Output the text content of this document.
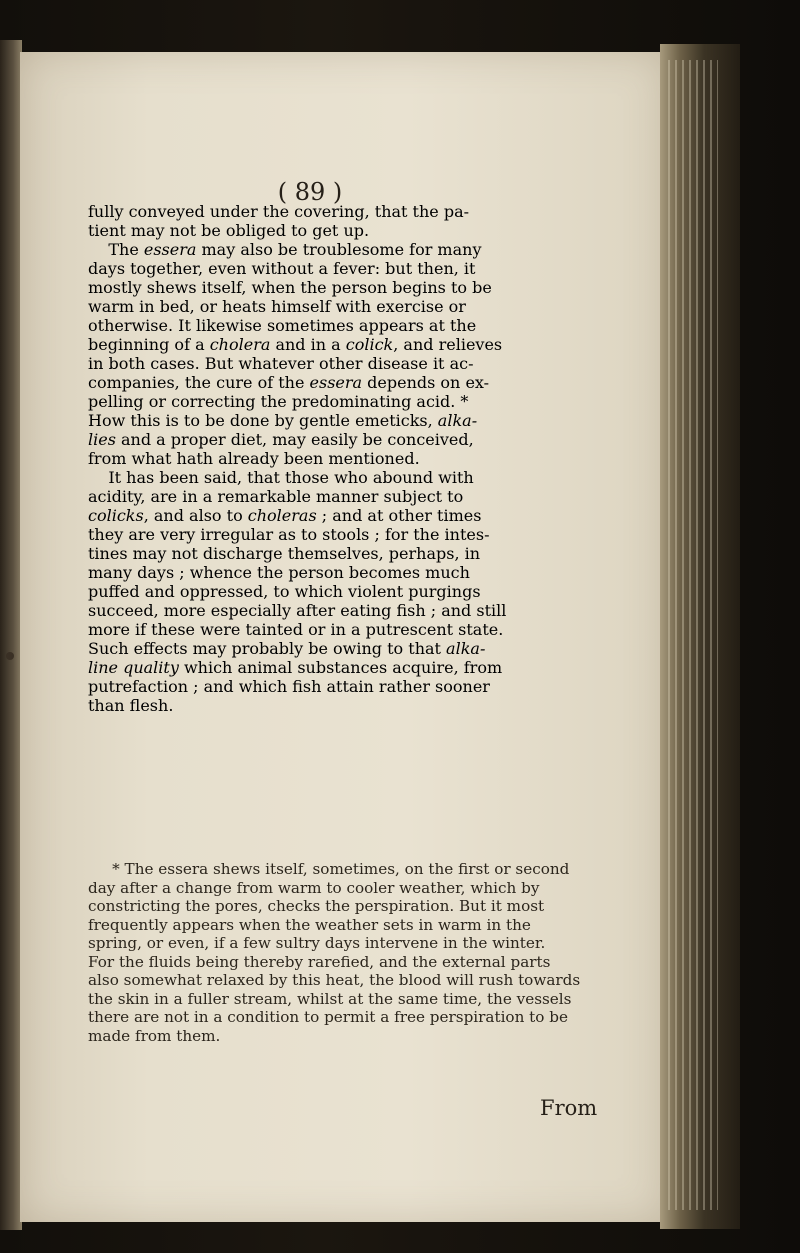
( 89 )
fully conveyed under the covering, that the pa-
tient may not be obliged to get up.
The essera may also be troublesome for many
days together, even without a fever: but then, it
mostly shews itself, when the person begins to be
warm in bed, or heats himself with exercise or
otherwise. It likewise sometimes appears at the
beginning of a cholera and in a colick, and relieves
in both cases. But whatever other disease it ac-
companies, the cure of the essera depends on ex-
pelling or correcting the predominating acid. *
How this is to be done by gentle emeticks, alka-
lies and a proper diet, may easily be conceived,
from what hath already been mentioned.
It has been said, that those who abound with
acidity, are in a remarkable manner subject to
colicks, and also to choleras ; and at other times
they are very irregular as to stools ; for the intes-
tines may not discharge themselves, perhaps, in
many days ; whence the person becomes much
puffed and oppressed, to which violent purgings
succeed, more especially after eating fish ; and still
more if these were tainted or in a putrescent state.
Such effects may probably be owing to that alka-
line quality which animal substances acquire, from
putrefaction ; and which fish attain rather sooner
than flesh.
* The essera shews itself, sometimes, on the first or second
day after a change from warm to cooler weather, which by
constricting the pores, checks the perspiration. But it most
frequently appears when the weather sets in warm in the
spring, or even, if a few sultry days intervene in the winter.
For the fluids being thereby rarefied, and the external parts
also somewhat relaxed by this heat, the blood will rush towards
the skin in a fuller stream, whilst at the same time, the vessels
there are not in a condition to permit a free perspiration to be
made from them.
From
